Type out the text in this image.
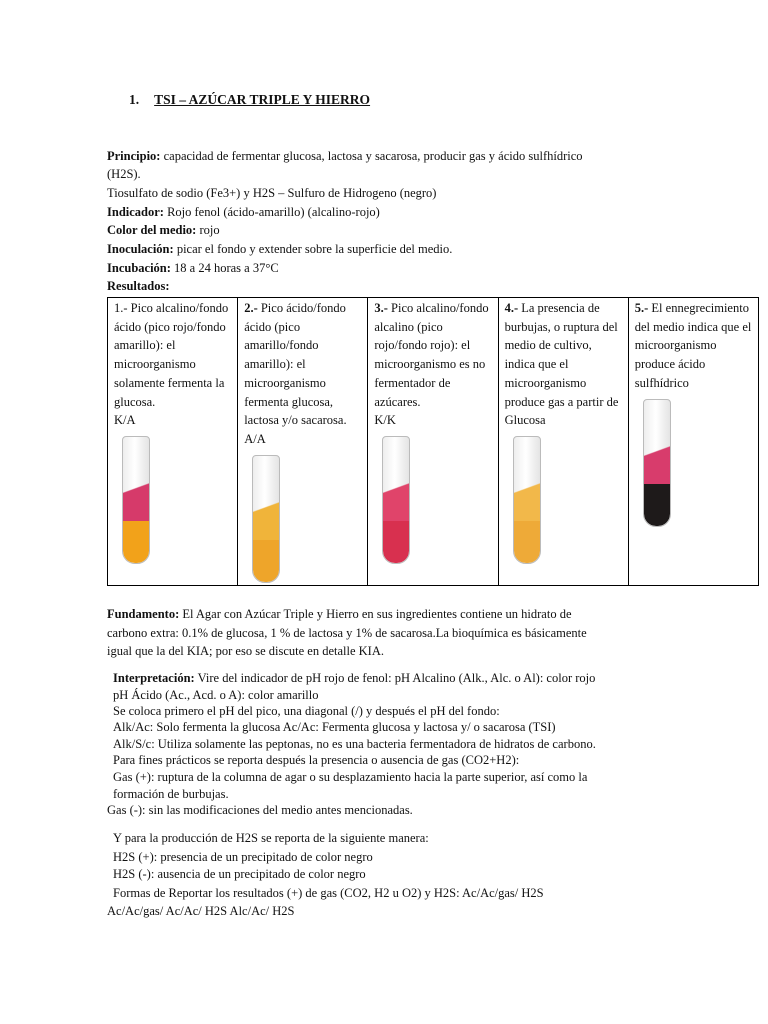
1. TSI – AZÚCAR TRIPLE Y HIERRO
Principio: capacidad de fermentar glucosa, lactosa y sacarosa, producir gas y ácido sulfhídrico
(H2S).
Tiosulfato de sodio (Fe3+) y H2S – Sulfuro de Hidrogeno (negro)
Indicador: Rojo fenol (ácido-amarillo) (alcalino-rojo)
Color del medio: rojo
Inoculación: picar el fondo y extender sobre la superficie del medio.
Incubación: 18 a 24 horas a 37°C
Resultados:
1.- Pico alcalino/fondo ácido (pico rojo/fondo amarillo): el microorganismo solamente fermenta la glucosa.
K/A
	2.- Pico ácido/fondo ácido (pico amarillo/fondo amarillo): el microorganismo fermenta glucosa, lactosa y/o sacarosa.
A/A
	3.- Pico alcalino/fondo alcalino (pico rojo/fondo rojo): el microorganismo es no fermentador de azúcares.
K/K
	4.- La presencia de burbujas, o ruptura del medio de cultivo, indica que el microorganismo produce gas a partir de Glucosa
	5.- El ennegrecimiento del medio indica que el microorganismo produce ácido sulfhídrico
Fundamento: El Agar con Azúcar Triple y Hierro en sus ingredientes contiene un hidrato de
carbono extra: 0.1% de glucosa, 1 % de lactosa y 1% de sacarosa.La bioquímica es básicamente
igual que la del KIA; por eso se discute en detalle KIA.
Interpretación: Vire del indicador de pH rojo de fenol: pH Alcalino (Alk., Alc. o Al): color rojo
pH Ácido (Ac., Acd. o A): color amarillo
Se coloca primero el pH del pico, una diagonal (/) y después el pH del fondo:
Alk/Ac: Solo fermenta la glucosa Ac/Ac: Fermenta glucosa y lactosa y/ o sacarosa (TSI)
Alk/S/c: Utiliza solamente las peptonas, no es una bacteria fermentadora de hidratos de carbono.
Para fines prácticos se reporta después la presencia o ausencia de gas (CO2+H2):
Gas (+): ruptura de la columna de agar o su desplazamiento hacia la parte superior, así como la
formación de burbujas.
Gas (-): sin las modificaciones del medio antes mencionadas.
Y para la producción de H2S se reporta de la siguiente manera:
H2S (+): presencia de un precipitado de color negro
H2S (-): ausencia de un precipitado de color negro
Formas de Reportar los resultados (+) de gas (CO2, H2 u O2) y H2S: Ac/Ac/gas/ H2S
Ac/Ac/gas/ Ac/Ac/ H2S Alc/Ac/ H2S
